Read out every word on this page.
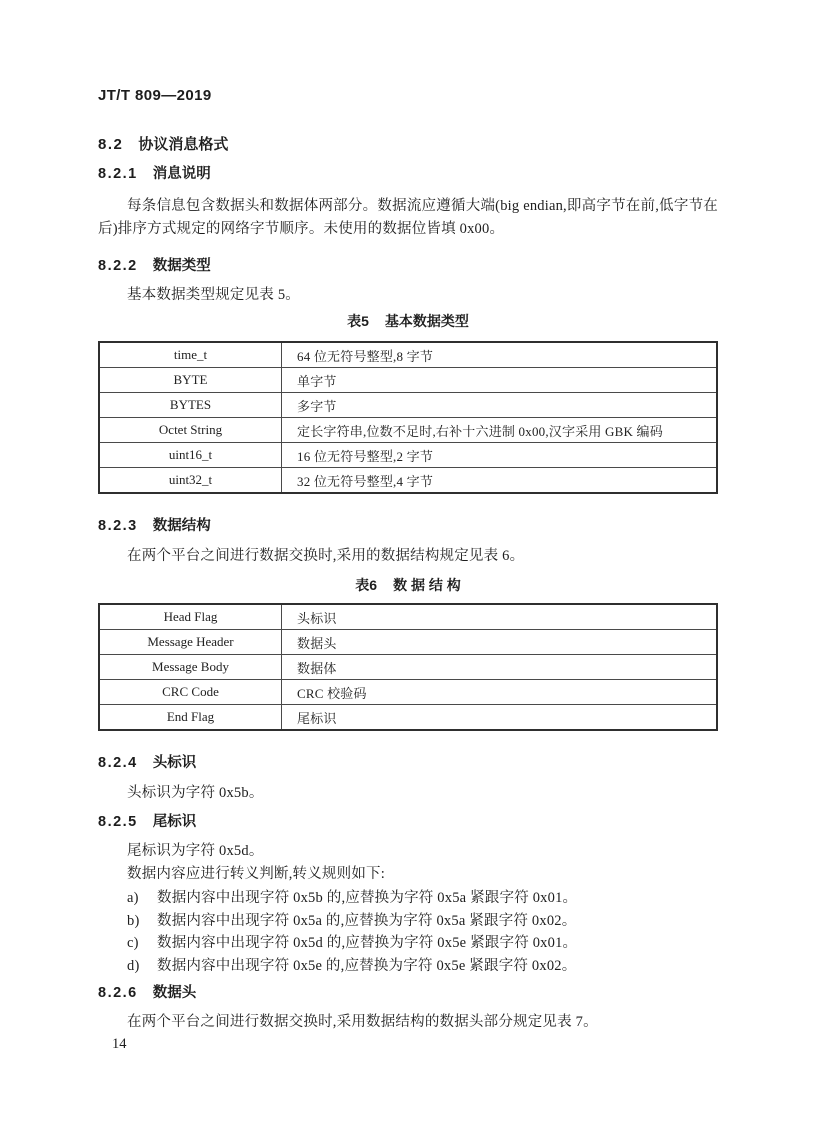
JT/T 809—2019
8.2 协议消息格式
8.2.1 消息说明
每条信息包含数据头和数据体两部分。数据流应遵循大端(big endian,即高字节在前,低字节在后)排序方式规定的网络字节顺序。未使用的数据位皆填 0x00。
8.2.2 数据类型
基本数据类型规定见表 5。
表5 基本数据类型
time_t	64 位无符号整型,8 字节
BYTE	单字节
BYTES	多字节
Octet String	定长字符串,位数不足时,右补十六进制 0x00,汉字采用 GBK 编码
uint16_t	16 位无符号整型,2 字节
uint32_t	32 位无符号整型,4 字节
8.2.3 数据结构
在两个平台之间进行数据交换时,采用的数据结构规定见表 6。
表6 数 据 结 构
Head Flag	头标识
Message Header	数据头
Message Body	数据体
CRC Code	CRC 校验码
End Flag	尾标识
8.2.4 头标识
头标识为字符 0x5b。
8.2.5 尾标识
尾标识为字符 0x5d。
数据内容应进行转义判断,转义规则如下:
a)	数据内容中出现字符 0x5b 的,应替换为字符 0x5a 紧跟字符 0x01。
b)	数据内容中出现字符 0x5a 的,应替换为字符 0x5a 紧跟字符 0x02。
c)	数据内容中出现字符 0x5d 的,应替换为字符 0x5e 紧跟字符 0x01。
d)	数据内容中出现字符 0x5e 的,应替换为字符 0x5e 紧跟字符 0x02。
8.2.6 数据头
在两个平台之间进行数据交换时,采用数据结构的数据头部分规定见表 7。
14
